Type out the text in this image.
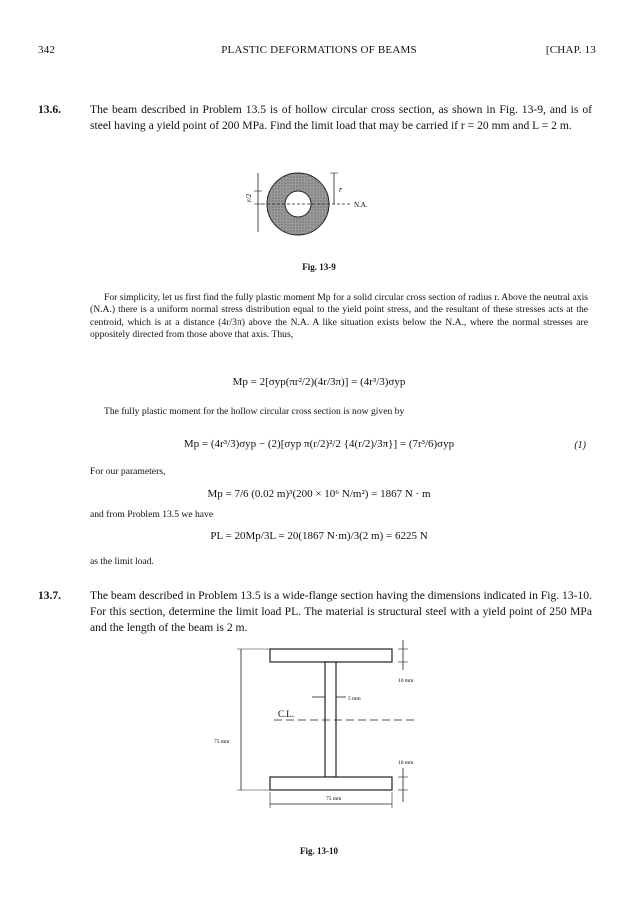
342	PLASTIC DEFORMATIONS OF BEAMS	[CHAP. 13
13.6.	The beam described in Problem 13.5 is of hollow circular cross section, as shown in Fig. 13-9, and is of steel having a yield point of 200 MPa. Find the limit load that may be carried if r = 20 mm and L = 2 m.
r/2
r
N.A.
Fig. 13-9
For simplicity, let us first find the fully plastic moment Mp for a solid circular cross section of radius r. Above the neutral axis (N.A.) there is a uniform normal stress distribution equal to the yield point stress, and the resultant of these stresses acts at the centroid, which is at a distance (4r/3π) above the N.A. A like situation exists below the N.A., where the normal stresses are oppositely directed from those above that axis. Thus,
Mp = 2[σyp(πr²/2)(4r/3π)] = (4r³/3)σyp
The fully plastic moment for the hollow circular cross section is now given by
Mp = (4r³/3)σyp − (2)[σyp π(r/2)²/2 {4(r/2)/3π}] = (7r³/6)σyp	(1)
For our parameters,
Mp = 7/6 (0.02 m)³(200 × 10⁶ N/m²) = 1867 N · m
and from Problem 13.5 we have
PL = 20Mp/3L = 20(1867 N·m)/3(2 m) = 6225 N
as the limit load.
13.7.	The beam described in Problem 13.5 is a wide-flange section having the dimensions indicated in Fig. 13-10. For this section, determine the limit load PL. The material is structural steel with a yield point of 250 MPa and the length of the beam is 2 m.
C.L.
75 mm
75 mm
10 mm
5 mm
10 mm
Fig. 13-10
